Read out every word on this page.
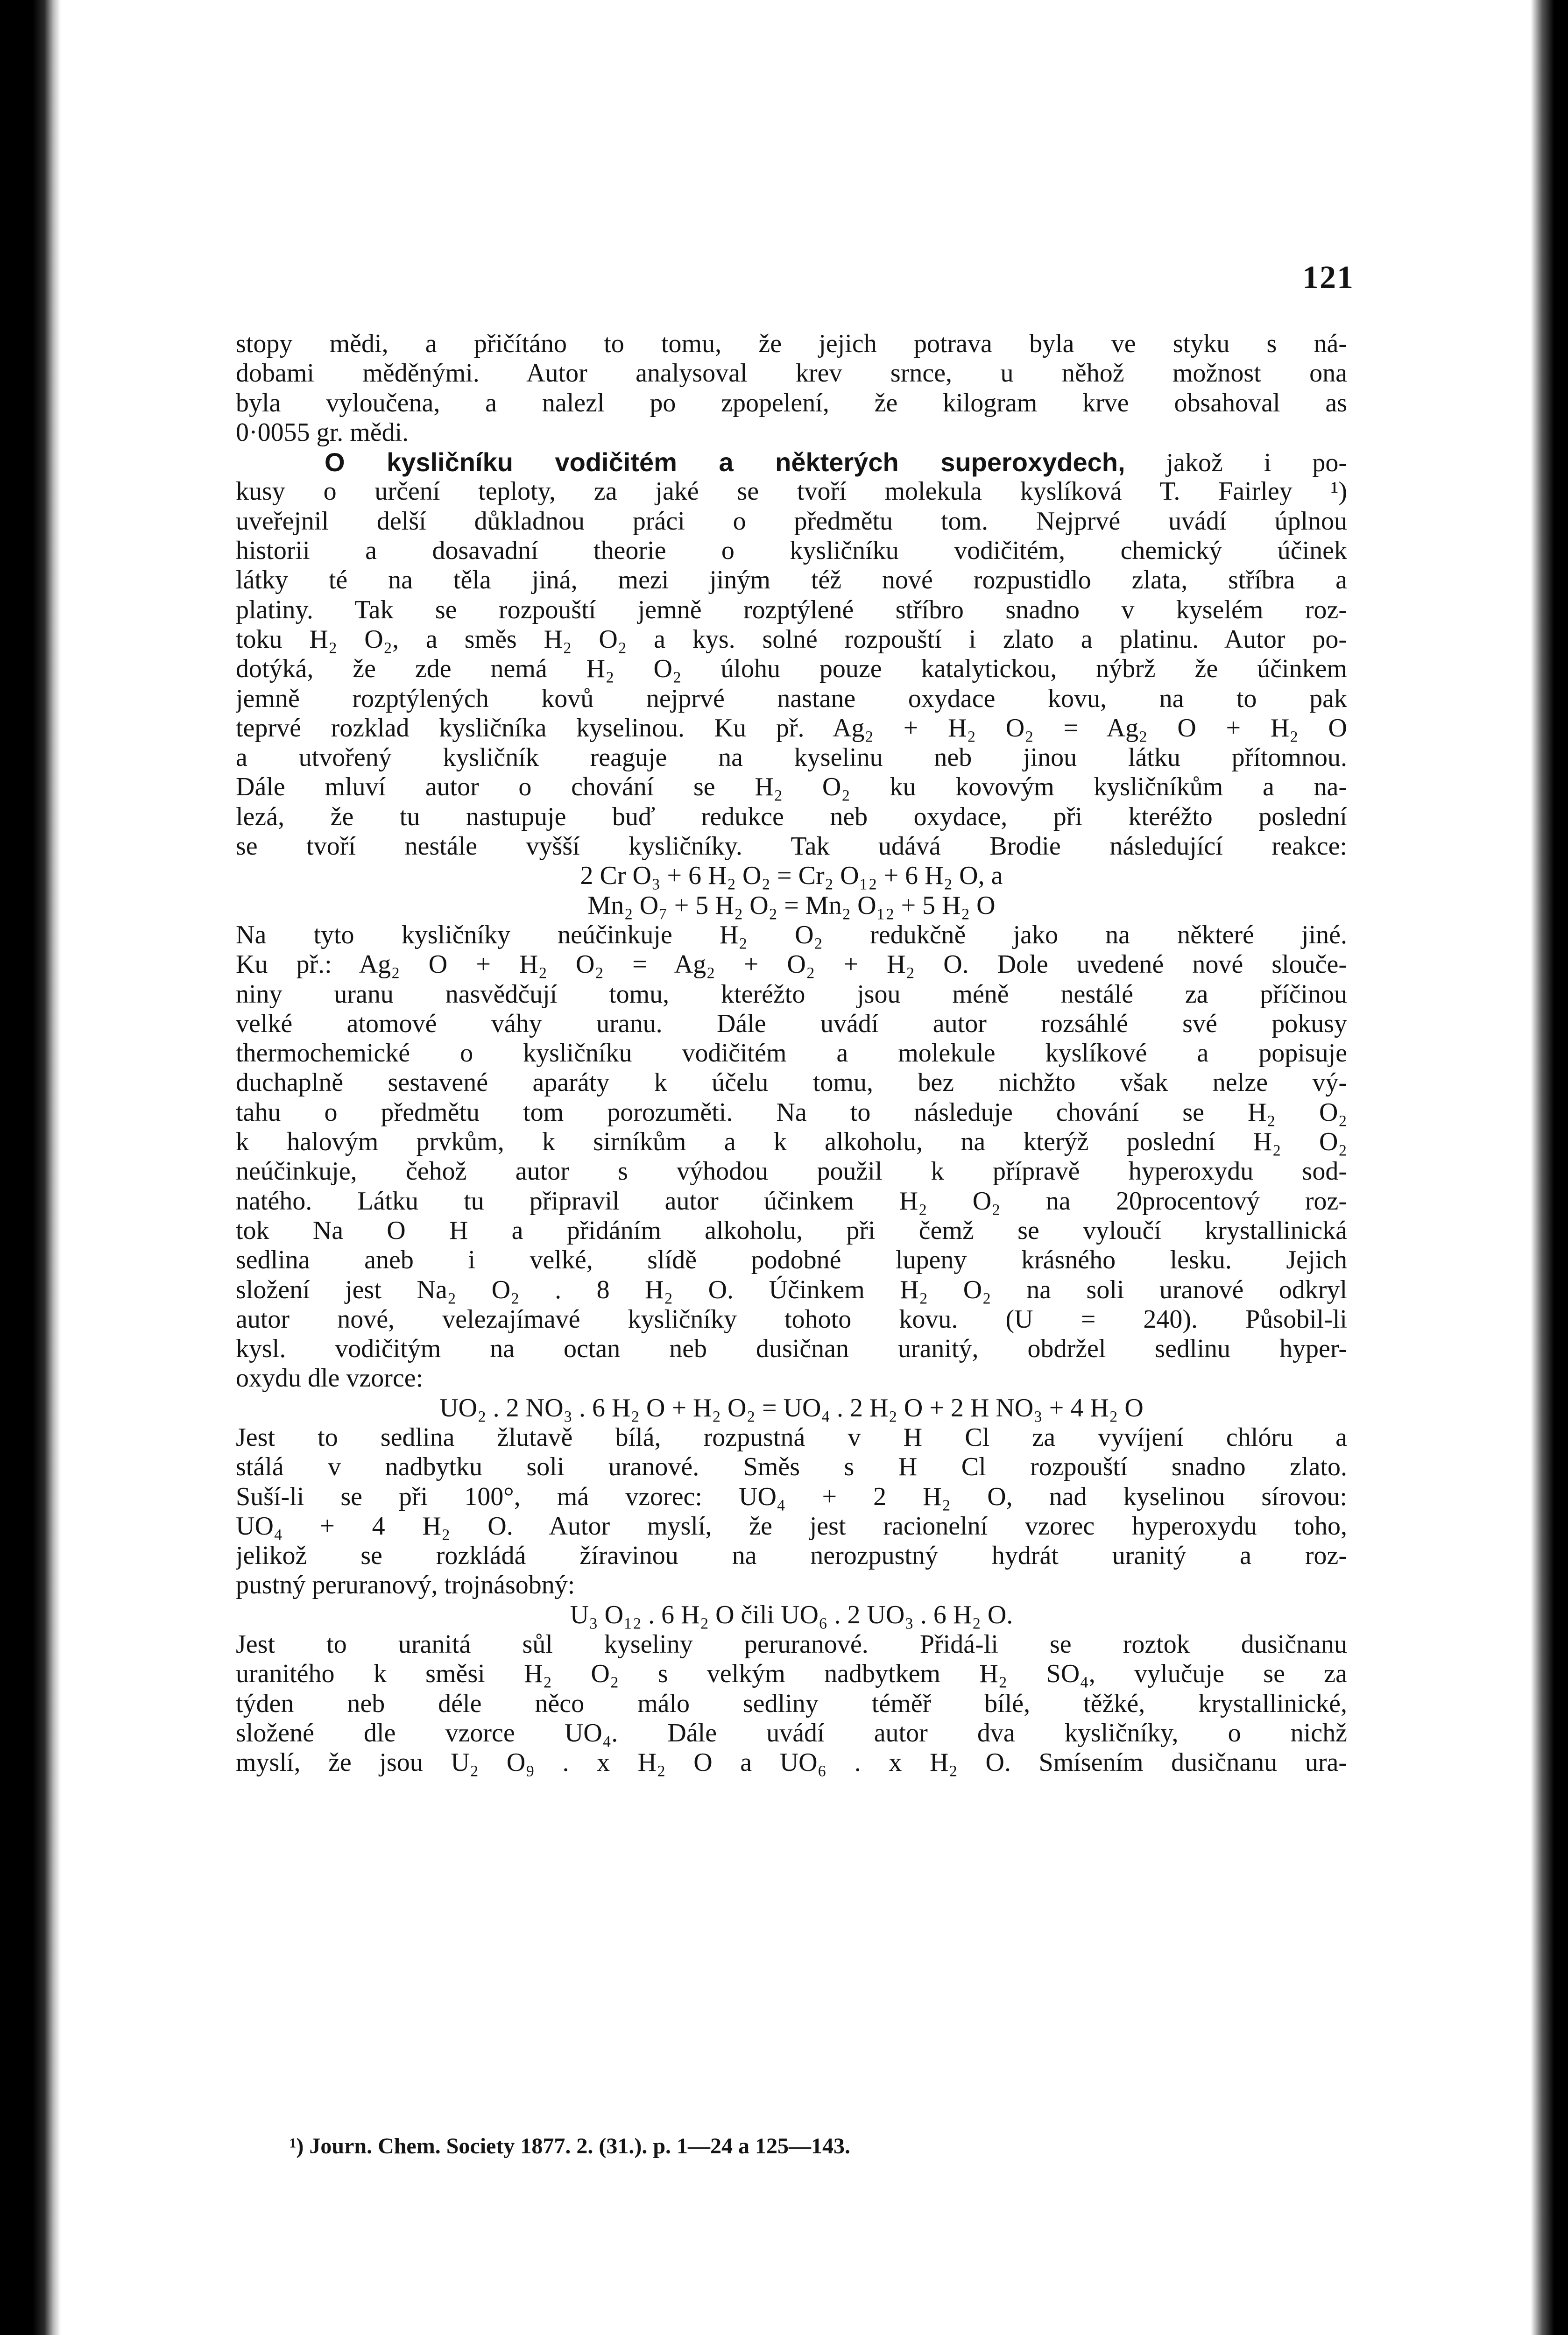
121
stopy mědi, a přičítáno to tomu, že jejich potrava byla ve styku s ná-
dobami měděnými. Autor analysoval krev srnce, u něhož možnost ona
byla vyloučena, a nalezl po zpopelení, že kilogram krve obsahoval as
0·0055 gr. mědi.
O kysličníku vodičitém a některých superoxydech, jakož i po-
kusy o určení teploty, za jaké se tvoří molekula kyslíková T. Fairley ¹)
uveřejnil delší důkladnou práci o předmětu tom. Nejprvé uvádí úplnou
historii a dosavadní theorie o kysličníku vodičitém, chemický účinek
látky té na těla jiná, mezi jiným též nové rozpustidlo zlata, stříbra a
platiny. Tak se rozpouští jemně rozptýlené stříbro snadno v kyselém roz-
toku H₂ O₂, a směs H₂ O₂ a kys. solné rozpouští i zlato a platinu. Autor po-
dotýká, že zde nemá H₂ O₂ úlohu pouze katalytickou, nýbrž že účinkem
jemně rozptýlených kovů nejprvé nastane oxydace kovu, na to pak
teprvé rozklad kysličníka kyselinou. Ku př. Ag₂ + H₂ O₂ = Ag₂ O + H₂ O
a utvořený kysličník reaguje na kyselinu neb jinou látku přítomnou.
Dále mluví autor o chování se H₂ O₂ ku kovovým kysličníkům a na-
lezá, že tu nastupuje buď redukce neb oxydace, při kteréžto poslední
se tvoří nestále vyšší kysličníky. Tak udává Brodie následující reakce:
2 Cr O₃ + 6 H₂ O₂ = Cr₂ O₁₂ + 6 H₂ O, a
Mn₂ O₇ + 5 H₂ O₂ = Mn₂ O₁₂ + 5 H₂ O
Na tyto kysličníky neúčinkuje H₂ O₂ redukčně jako na některé jiné.
Ku př.: Ag₂ O + H₂ O₂ = Ag₂ + O₂ + H₂ O. Dole uvedené nové slouče-
niny uranu nasvědčují tomu, kteréžto jsou méně nestálé za příčinou
velké atomové váhy uranu. Dále uvádí autor rozsáhlé své pokusy
thermochemické o kysličníku vodičitém a molekule kyslíkové a popisuje
duchaplně sestavené aparáty k účelu tomu, bez nichžto však nelze vý-
tahu o předmětu tom porozuměti. Na to následuje chování se H₂ O₂
k halovým prvkům, k sirníkům a k alkoholu, na kterýž poslední H₂ O₂
neúčinkuje, čehož autor s výhodou použil k přípravě hyperoxydu sod-
natého. Látku tu připravil autor účinkem H₂ O₂ na 20procentový roz-
tok Na O H a přidáním alkoholu, při čemž se vyloučí krystallinická
sedlina aneb i velké, slídě podobné lupeny krásného lesku. Jejich
složení jest Na₂ O₂ . 8 H₂ O. Účinkem H₂ O₂ na soli uranové odkryl
autor nové, velezajímavé kysličníky tohoto kovu. (U = 240). Působil-li
kysl. vodičitým na octan neb dusičnan uranitý, obdržel sedlinu hyper-
oxydu dle vzorce:
UO₂ . 2 NO₃ . 6 H₂ O + H₂ O₂ = UO₄ . 2 H₂ O + 2 H NO₃ + 4 H₂ O
Jest to sedlina žlutavě bílá, rozpustná v H Cl za vyvíjení chlóru a
stálá v nadbytku soli uranové. Směs s H Cl rozpouští snadno zlato.
Suší-li se při 100°, má vzorec: UO₄ + 2 H₂ O, nad kyselinou sírovou:
UO₄ + 4 H₂ O. Autor myslí, že jest racionelní vzorec hyperoxydu toho,
jelikož se rozkládá žíravinou na nerozpustný hydrát uranitý a roz-
pustný peruranový, trojnásobný:
U₃ O₁₂ . 6 H₂ O čili UO₆ . 2 UO₃ . 6 H₂ O.
Jest to uranitá sůl kyseliny peruranové. Přidá-li se roztok dusičnanu
uranitého k směsi H₂ O₂ s velkým nadbytkem H₂ SO₄, vylučuje se za
týden neb déle něco málo sedliny téměř bílé, těžké, krystallinické,
složené dle vzorce UO₄. Dále uvádí autor dva kysličníky, o nichž
myslí, že jsou U₂ O₉ . x H₂ O a UO₆ . x H₂ O. Smísením dusičnanu ura-
¹) Journ. Chem. Society 1877. 2. (31.). p. 1—24 a 125—143.
